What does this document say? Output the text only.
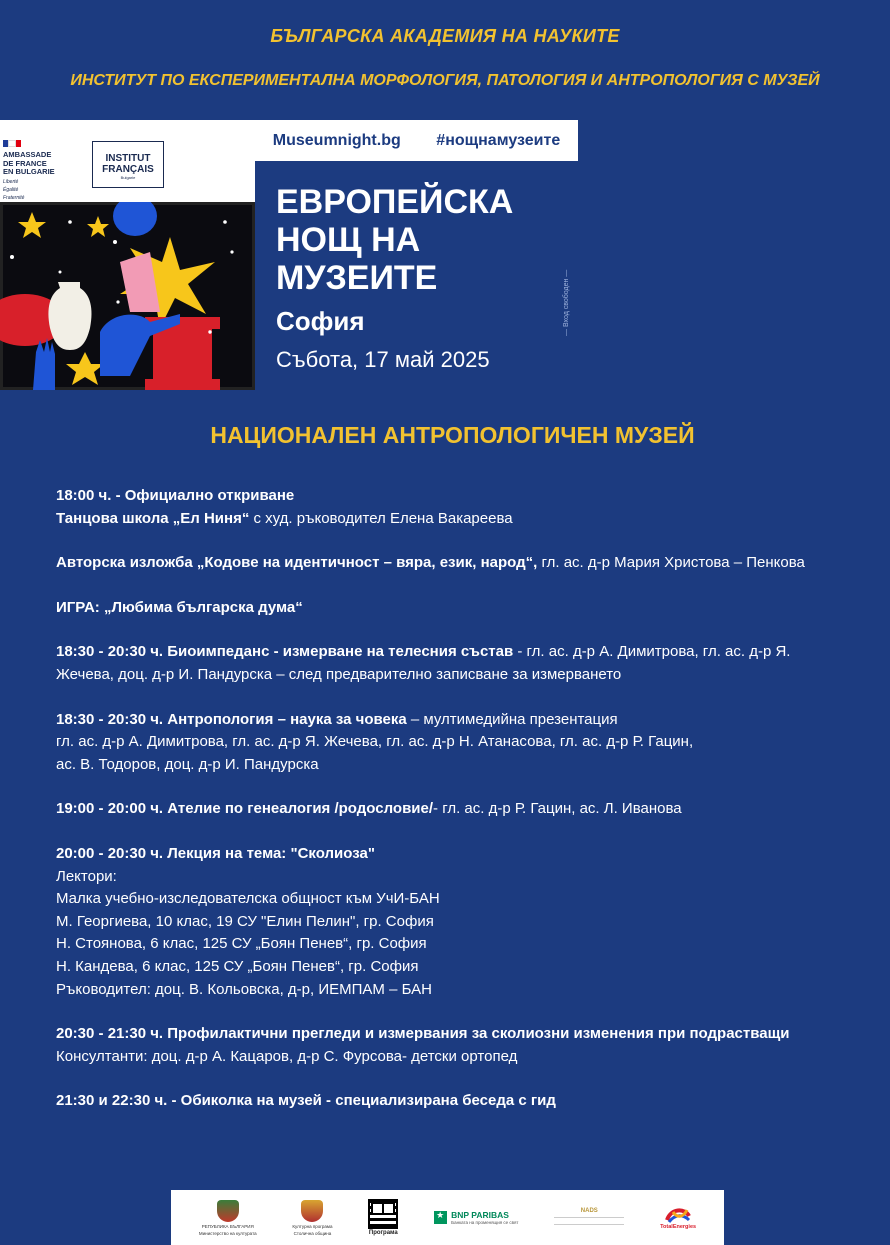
БЪЛГАРСКА АКАДЕМИЯ НА НАУКИТЕ
ИНСТИТУТ ПО ЕКСПЕРИМЕНТАЛНА МОРФОЛОГИЯ, ПАТОЛОГИЯ И АНТРОПОЛОГИЯ С МУЗЕЙ
AMBASSADE
DE FRANCE
EN BULGARIE
Liberté
Égalité
Fraternité
INSTITUT
FRANÇAIS
Bulgarie
Museumnight.bg #нощнамузеите
ЕВРОПЕЙСКА
НОЩ НА
МУЗЕИТЕ
София
Събота, 17 май 2025
— Вход свободен —
НАЦИОНАЛЕН АНТРОПОЛОГИЧЕН МУЗЕЙ

18:00 ч. - Официално откриване
Танцова школа „Ел Ниня“ с худ. ръководител Елена Вакареева

Авторска изложба „Кодове на идентичност – вяра, език, народ“, гл. ас. д-р Мария Христова – Пенкова

ИГРА: „Любима българска дума“

18:30 - 20:30 ч. Биоимпеданс - измерване на телесния състав - гл. ас. д-р А. Димитрова, гл. ас. д-р Я. Жечева, доц. д-р И. Пандурска – след предварително записване за измерването

18:30 - 20:30 ч. Антропология – наука за човека – мултимедийна презентация
гл. ас. д-р А. Димитрова, гл. ас. д-р Я. Жечева, гл. ас. д-р Н. Атанасова, гл. ас. д-р Р. Гацин,
ас. В. Тодоров, доц. д-р И. Пандурска

19:00 - 20:00 ч. Ателие по генеалогия /родословие/- гл. ас. д-р Р. Гацин, ас. Л. Иванова

20:00 - 20:30 ч. Лекция на тема: "Сколиоза"
Лектори:
Малка учебно-изследователска общност към УчИ-БАН
М. Георгиева, 10 клас, 19 СУ "Елин Пелин", гр. София
Н. Стоянова, 6 клас, 125 СУ „Боян Пенев“, гр. София
Н. Кандева, 6 клас, 125 СУ „Боян Пенев“, гр. София
Ръководител: доц. В. Кольовска, д-р, ИЕМПАМ – БАН

20:30 - 21:30 ч. Профилактични прегледи и измервания за сколиозни изменения при подрастващи
Консултанти: доц. д-р А. Кацаров, д-р С. Фурсова- детски ортопед

21:30 и 22:30 ч. - Обиколка на музей - специализирана беседа с гид

РЕПУБЛИКА БЪЛГАРИЯ
Министерство на културата
Културна програма
Столична община	Програма
★
BNP PARIBAS
Банката на променящия се свят
NADS
TotalEnergies
